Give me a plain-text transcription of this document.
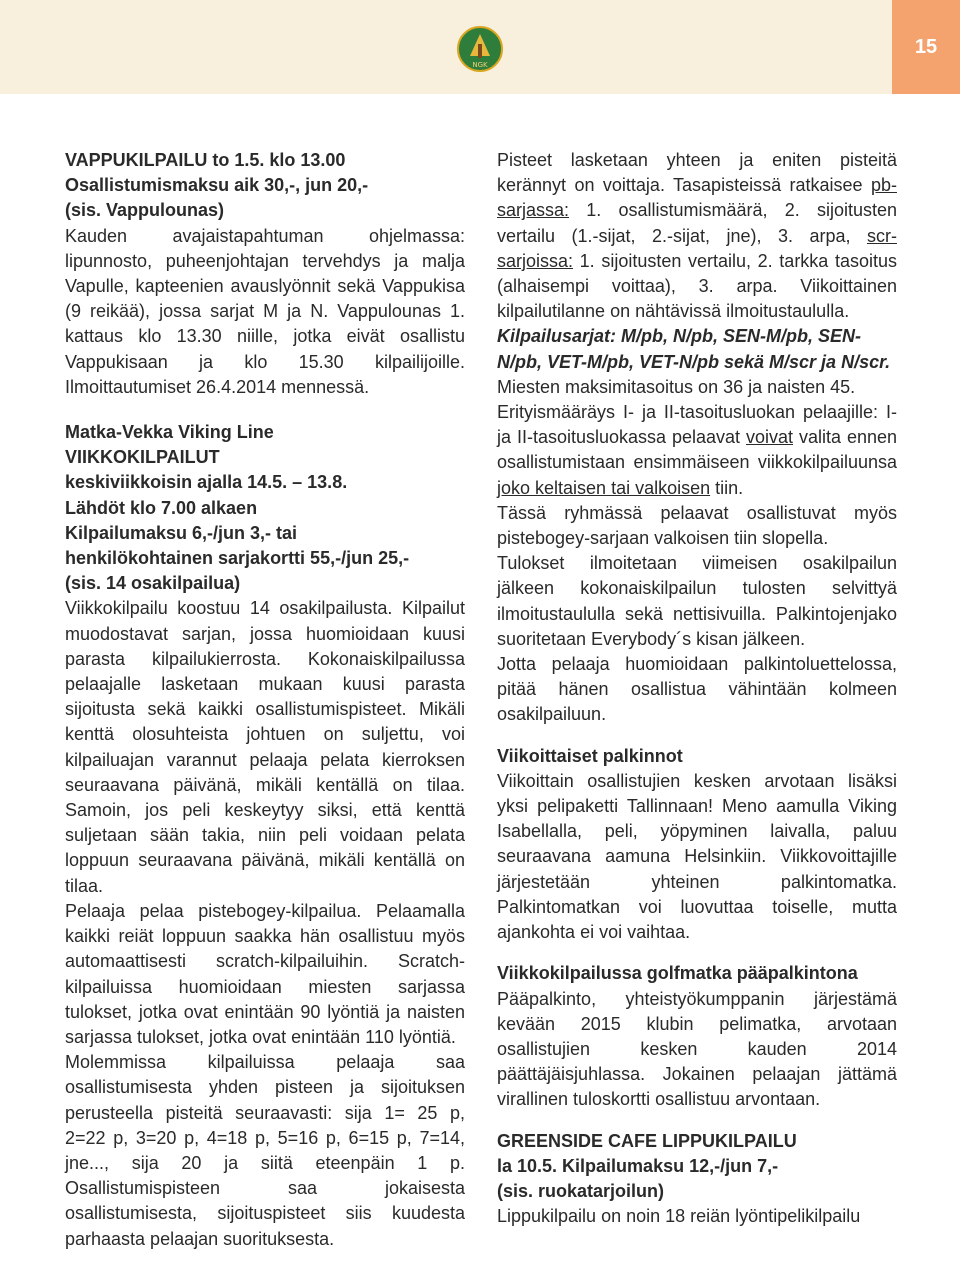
NGK
15

VAPPUKILPAILU to 1.5. klo 13.00

Osallistumismaksu aik 30,-, jun 20,-

(sis. Vappulounas)

Kauden avajaistapahtuman ohjelmassa: lipunnosto, puheenjohtajan tervehdys ja malja Vapulle, kapteenien avauslyönnit sekä Vappukisa (9 reikää), jossa sarjat M ja N. Vappulounas 1. kattaus klo 13.30 niille, jotka eivät osallistu Vappukisaan ja klo 15.30 kilpailijoille. Ilmoittautumiset 26.4.2014 mennessä.

Matka-Vekka Viking Line

VIIKKOKILPAILUT

keskiviikkoisin ajalla 14.5. – 13.8.

Lähdöt klo 7.00 alkaen

Kilpailumaksu 6,-/jun 3,- tai

henkilökohtainen sarjakortti 55,-/jun 25,-

(sis. 14 osakilpailua)

Viikkokilpailu koostuu 14 osakilpailusta. Kilpailut muodostavat sarjan, jossa huomioidaan kuusi parasta kilpailukierrosta. Kokonaiskilpailussa pelaajalle lasketaan mukaan kuusi parasta sijoitusta sekä kaikki osallistumispisteet. Mikäli kenttä olosuhteista johtuen on suljettu, voi kilpailuajan varannut pelaaja pelata kierroksen seuraavana päivänä, mikäli kentällä on tilaa. Samoin, jos peli keskeytyy siksi, että kenttä suljetaan sään takia, niin peli voidaan pelata loppuun seuraavana päivänä, mikäli kentällä on tilaa.

Pelaaja pelaa pistebogey-kilpailua. Pelaamalla kaikki reiät loppuun saakka hän osallistuu myös automaattisesti scratch-kilpailuihin. Scratch-kilpailuissa huomioidaan miesten sarjassa tulokset, jotka ovat enintään 90 lyöntiä ja naisten sarjassa tulokset, jotka ovat enintään 110 lyöntiä.

Molemmissa kilpailuissa pelaaja saa osallistumisesta yhden pisteen ja sijoituksen perusteella pisteitä seuraavasti: sija 1= 25 p, 2=22 p, 3=20 p, 4=18 p, 5=16 p, 6=15 p, 7=14, jne..., sija 20 ja siitä eteenpäin 1 p. Osallistumispisteen saa jokaisesta osallistumisesta, sijoituspisteet siis kuudesta parhaasta pelaajan suorituksesta.

Pisteet lasketaan yhteen ja eniten pisteitä kerännyt on voittaja. Tasapisteissä ratkaisee pb-sarjassa: 1. osallistumismäärä, 2. sijoitusten vertailu (1.-sijat, 2.-sijat, jne), 3. arpa, scr-sarjoissa: 1. sijoitusten vertailu, 2. tarkka tasoitus (alhaisempi voittaa), 3. arpa. Viikoittainen kilpailutilanne on nähtävissä ilmoitustaululla.

Kilpailusarjat: M/pb, N/pb, SEN-M/pb, SEN-N/pb, VET-M/pb, VET-N/pb sekä M/scr ja N/scr.

Miesten maksimitasoitus on 36 ja naisten 45.

Erityismääräys I- ja II-tasoitusluokan pelaajille: I- ja II-tasoitusluokassa pelaavat voivat valita ennen osallistumistaan ensimmäiseen viikkokilpailuunsa joko keltaisen tai valkoisen tiin.

Tässä ryhmässä pelaavat osallistuvat myös pistebogey-sarjaan valkoisen tiin slopella.

Tulokset ilmoitetaan viimeisen osakilpailun jälkeen kokonaiskilpailun tulosten selvittyä ilmoitustaululla sekä nettisivuilla. Palkintojenjako suoritetaan Everybody´s kisan jälkeen.

Jotta pelaaja huomioidaan palkintoluettelossa, pitää hänen osallistua vähintään kolmeen osakilpailuun.

Viikoittaiset palkinnot

Viikoittain osallistujien kesken arvotaan lisäksi yksi pelipaketti Tallinnaan! Meno aamulla Viking Isabellalla, peli, yöpyminen laivalla, paluu seuraavana aamuna Helsinkiin. Viikkovoittajille järjestetään yhteinen palkintomatka. Palkintomatkan voi luovuttaa toiselle, mutta ajankohta ei voi vaihtaa.

Viikkokilpailussa golfmatka pääpalkintona

Pääpalkinto, yhteistyökumppanin järjestämä kevään 2015 klubin pelimatka, arvotaan osallistujien kesken kauden 2014 päättäjäisjuhlassa. Jokainen pelaajan jättämä virallinen tuloskortti osallistuu arvontaan.

GREENSIDE CAFE LIPPUKILPAILU

la 10.5. Kilpailumaksu 12,-/jun 7,-

(sis. ruokatarjoilun)

Lippukilpailu on noin 18 reiän lyöntipelikilpailu
